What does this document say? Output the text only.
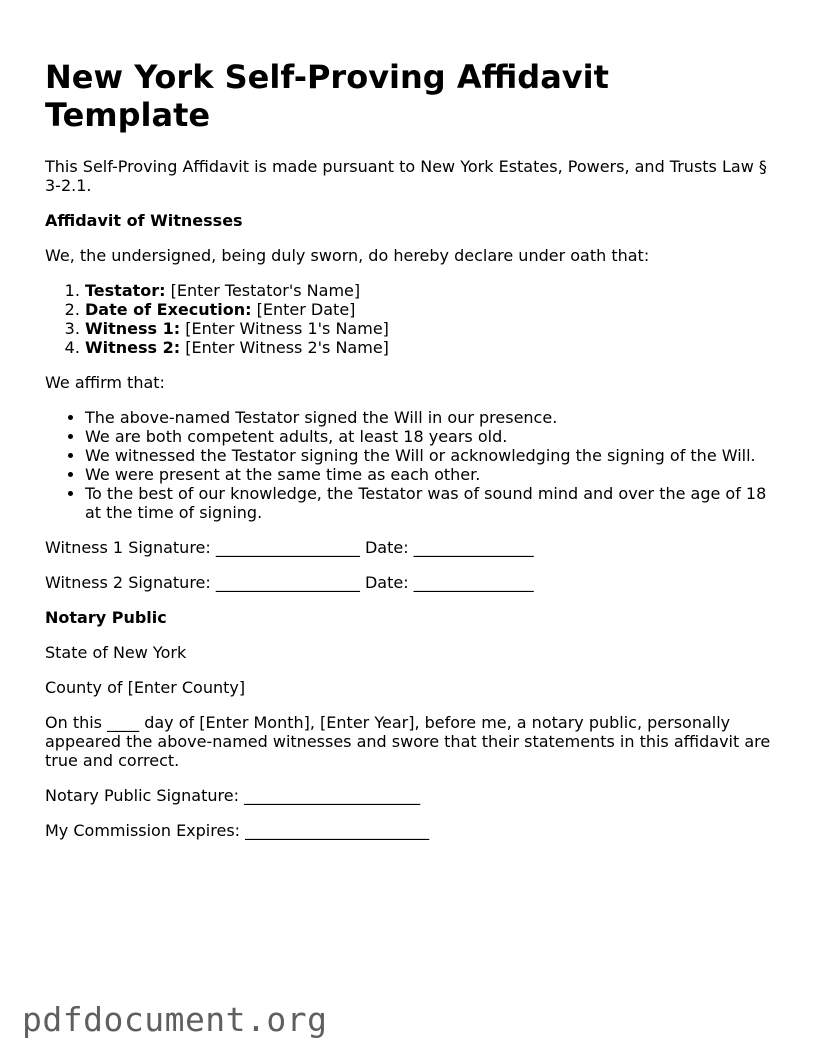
New York Self-Proving Affidavit Template

This Self-Proving Affidavit is made pursuant to New York Estates, Powers, and Trusts Law § 3-2.1.

Affidavit of Witnesses

We, the undersigned, being duly sworn, do hereby declare under oath that:

1. Testator: [Enter Testator's Name]
2. Date of Execution: [Enter Date]
3. Witness 1: [Enter Witness 1's Name]
4. Witness 2: [Enter Witness 2's Name]

We affirm that:

• The above-named Testator signed the Will in our presence.
• We are both competent adults, at least 18 years old.
• We witnessed the Testator signing the Will or acknowledging the signing of the Will.
• We were present at the same time as each other.
• To the best of our knowledge, the Testator was of sound mind and over the age of 18 at the time of signing.

Witness 1 Signature: __________________ Date: _______________

Witness 2 Signature: __________________ Date: _______________

Notary Public

State of New York

County of [Enter County]

On this ____ day of [Enter Month], [Enter Year], before me, a notary public, personally appeared the above-named witnesses and swore that their statements in this affidavit are true and correct.

Notary Public Signature: ______________________

My Commission Expires: _______________________

pdfdocument.org
